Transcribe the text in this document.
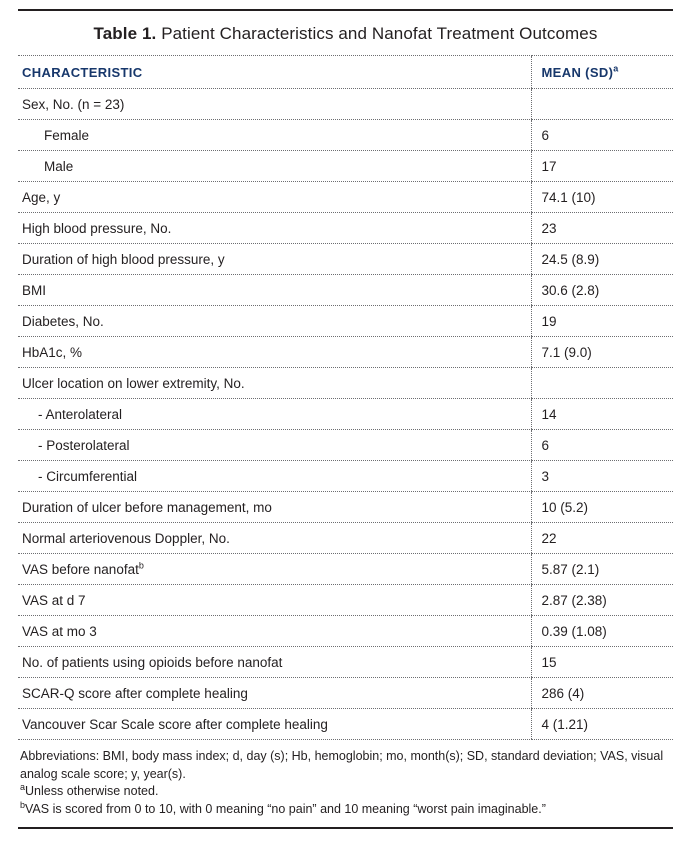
Table 1. Patient Characteristics and Nanofat Treatment Outcomes
CHARACTERISTIC	MEAN (SD)$^a$
Sex, No. (n = 23)	
Female	6
Male	17
Age, y	74.1 (10)
High blood pressure, No.	23
Duration of high blood pressure, y	24.5 (8.9)
BMI	30.6 (2.8)
Diabetes, No.	19
HbA1c, %	7.1 (9.0)
Ulcer location on lower extremity, No.	
- Anterolateral	14
- Posterolateral	6
- Circumferential	3
Duration of ulcer before management, mo	10 (5.2)
Normal arteriovenous Doppler, No.	22
VAS before nanofat$^b$	5.87 (2.1)
VAS at d 7	2.87 (2.38)
VAS at mo 3	0.39 (1.08)
No. of patients using opioids before nanofat	15
SCAR-Q score after complete healing	286 (4)
Vancouver Scar Scale score after complete healing	4 (1.21)

Abbreviations: BMI, body mass index; d, day (s); Hb, hemoglobin; mo, month(s); SD, standard deviation; VAS, visual analog scale score; y, year(s).

$^a$Unless otherwise noted.

$^b$VAS is scored from 0 to 10, with 0 meaning “no pain” and 10 meaning “worst pain imaginable.”
